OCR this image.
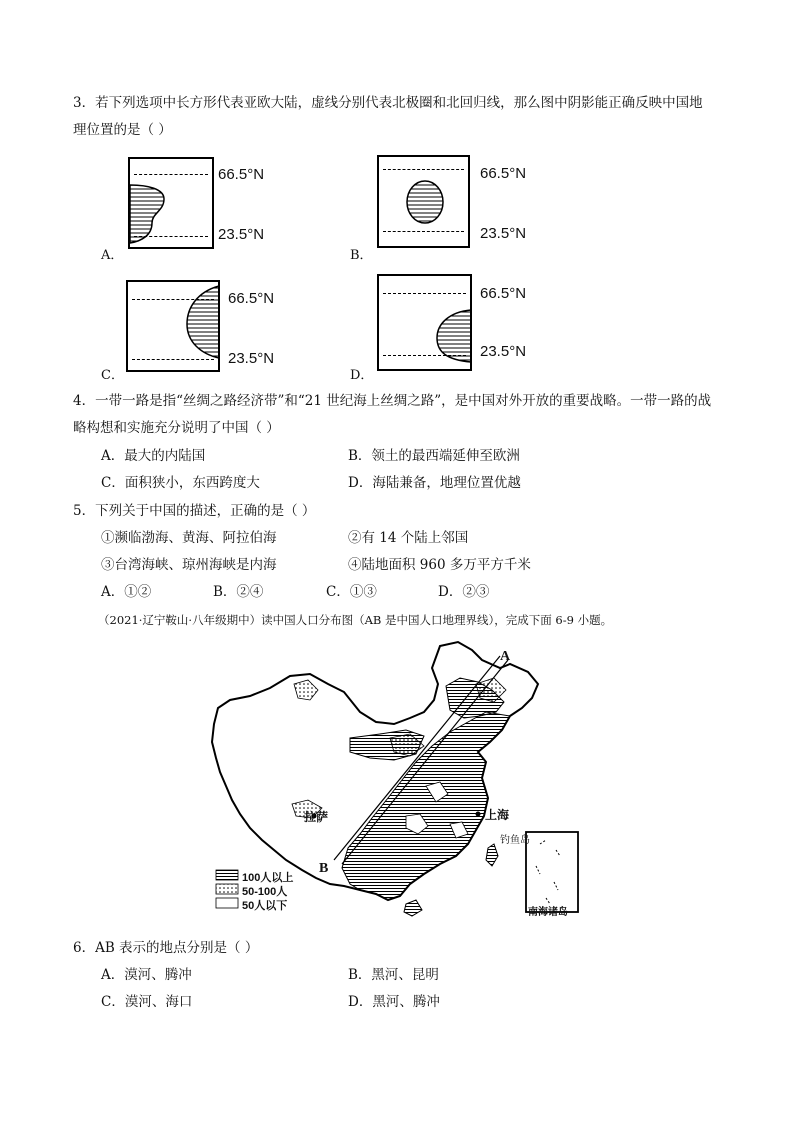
3．若下列选项中长方形代表亚欧大陆，虚线分别代表北极圈和北回归线，那么图中阴影能正确反映中国地
理位置的是（ ）
A．
66.5°N
23.5°N
B．
66.5°N
23.5°N
C．
66.5°N
23.5°N
D．
66.5°N
23.5°N
4．一带一路是指“丝绸之路经济带”和“21 世纪海上丝绸之路”，是中国对外开放的重要战略。一带一路的战
略构想和实施充分说明了中国（ ）
A．最大的内陆国	B．领土的最西端延伸至欧洲
C．面积狭小，东西跨度大	D．海陆兼备，地理位置优越
5．下列关于中国的描述，正确的是（ ）
①濒临渤海、黄海、阿拉伯海	②有 14 个陆上邻国
③台湾海峡、琼州海峡是内海	④陆地面积 960 多万平方千米
A．①②	B．②④	C．①③	D．②③
（2021·辽宁鞍山·八年级期中）读中国人口分布图（AB 是中国人口地理界线），完成下面 6-9 小题。
A
B
拉萨	上海
钓鱼岛
南海诸岛
100人以上
50-100人
50人以下
6．AB 表示的地点分别是（ ）
A．漠河、腾冲	B．黑河、昆明
C．漠河、海口	D．黑河、腾冲
